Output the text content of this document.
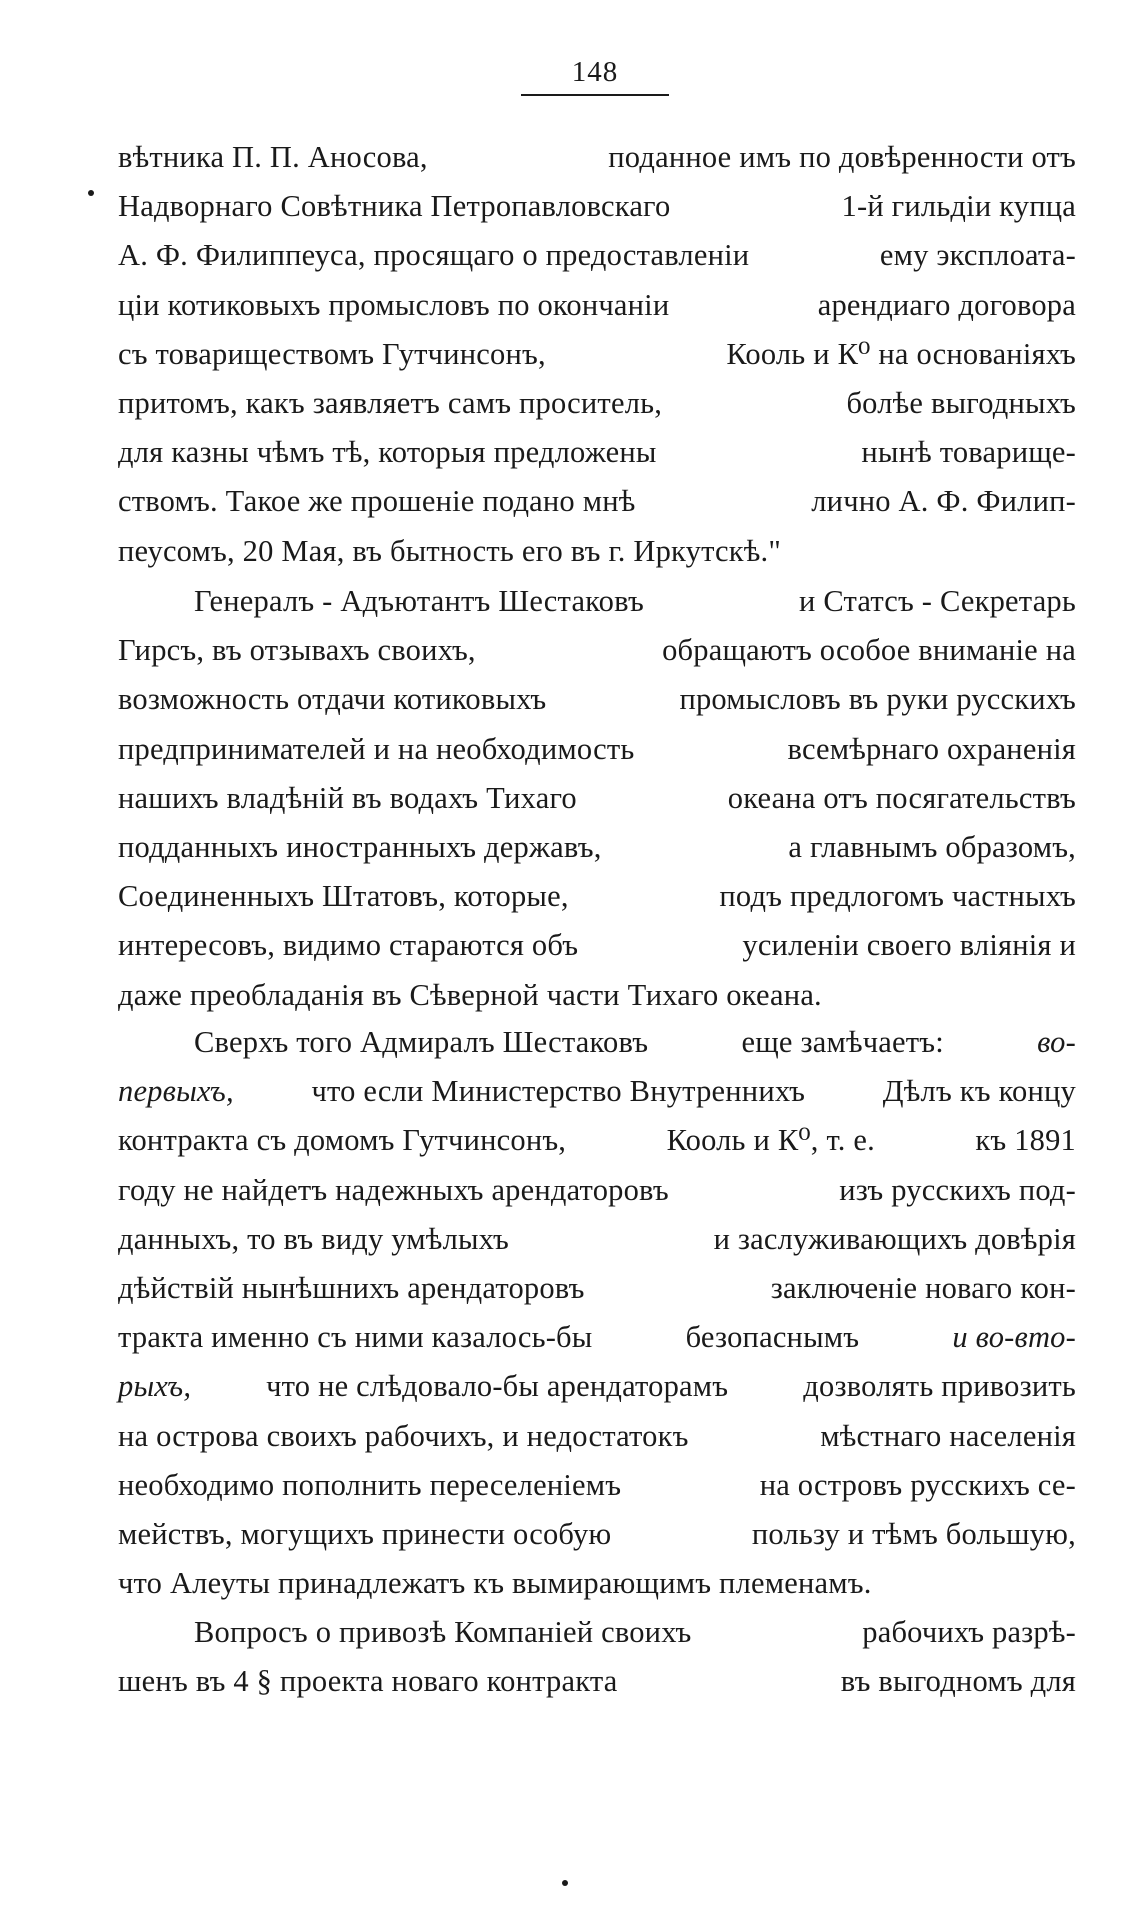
148
вѣтника П. П. Аносова,	поданное имъ по довѣренности отъ
Надворнаго Совѣтника Петропавловскаго	1-й гильдіи купца
А. Ф. Филиппеуса, просящаго о предоставленіи	ему эксплоата-
ціи котиковыхъ промысловъ по окончаніи	арендиаго договора
съ товариществомъ Гутчинсонъ,	Кооль и К⁰ на основаніяхъ
притомъ, какъ заявляетъ самъ проситель,	болѣе выгодныхъ
для казны чѣмъ тѣ, которыя предложены	нынѣ товарище-
ствомъ. Такое же прошеніе подано мнѣ	лично А. Ф. Филип-
пеусомъ, 20 Мая, въ бытность его въ г. Иркутскѣ."
Генералъ - Адъютантъ Шестаковъ	и Статсъ - Секретарь
Гирсъ, въ отзывахъ своихъ,	обращаютъ особое вниманіе на
возможность отдачи котиковыхъ	промысловъ въ руки русскихъ
предпринимателей и на необходимость	всемѣрнаго охраненія
нашихъ владѣній въ водахъ Тихаго	океана отъ посягательствъ
подданныхъ иностранныхъ державъ,	а главнымъ образомъ,
Соединенныхъ Штатовъ, которые,	подъ предлогомъ частныхъ
интересовъ, видимо стараются объ	усиленіи своего вліянія и
даже преобладанія въ Сѣверной части Тихаго океана.
Сверхъ того Адмиралъ Шестаковъ	еще замѣчаетъ:	во-
первыхъ,	что если Министерство Внутреннихъ	Дѣлъ къ концу
контракта съ домомъ Гутчинсонъ,	Кооль и К⁰, т. е.	къ 1891
году не найдетъ надежныхъ арендаторовъ	изъ русскихъ под-
данныхъ, то въ виду умѣлыхъ	и заслуживающихъ довѣрія
дѣйствій нынѣшнихъ арендаторовъ	заключеніе новаго кон-
тракта именно съ ними казалось-бы	безопаснымъ	и во-вто-
рыхъ, что не слѣдовало-бы арендаторамъ дозволять привозить
на острова своихъ рабочихъ, и недостатокъ	мѣстнаго населенія
необходимо пополнить переселеніемъ	на островъ русскихъ се-
мействъ, могущихъ принести особую	пользу и тѣмъ большую,
что Алеуты принадлежатъ къ вымирающимъ племенамъ.
Вопросъ о привозѣ Компаніей своихъ	рабочихъ разрѣ-
шенъ въ 4 § проекта новаго контракта	въ выгодномъ для
